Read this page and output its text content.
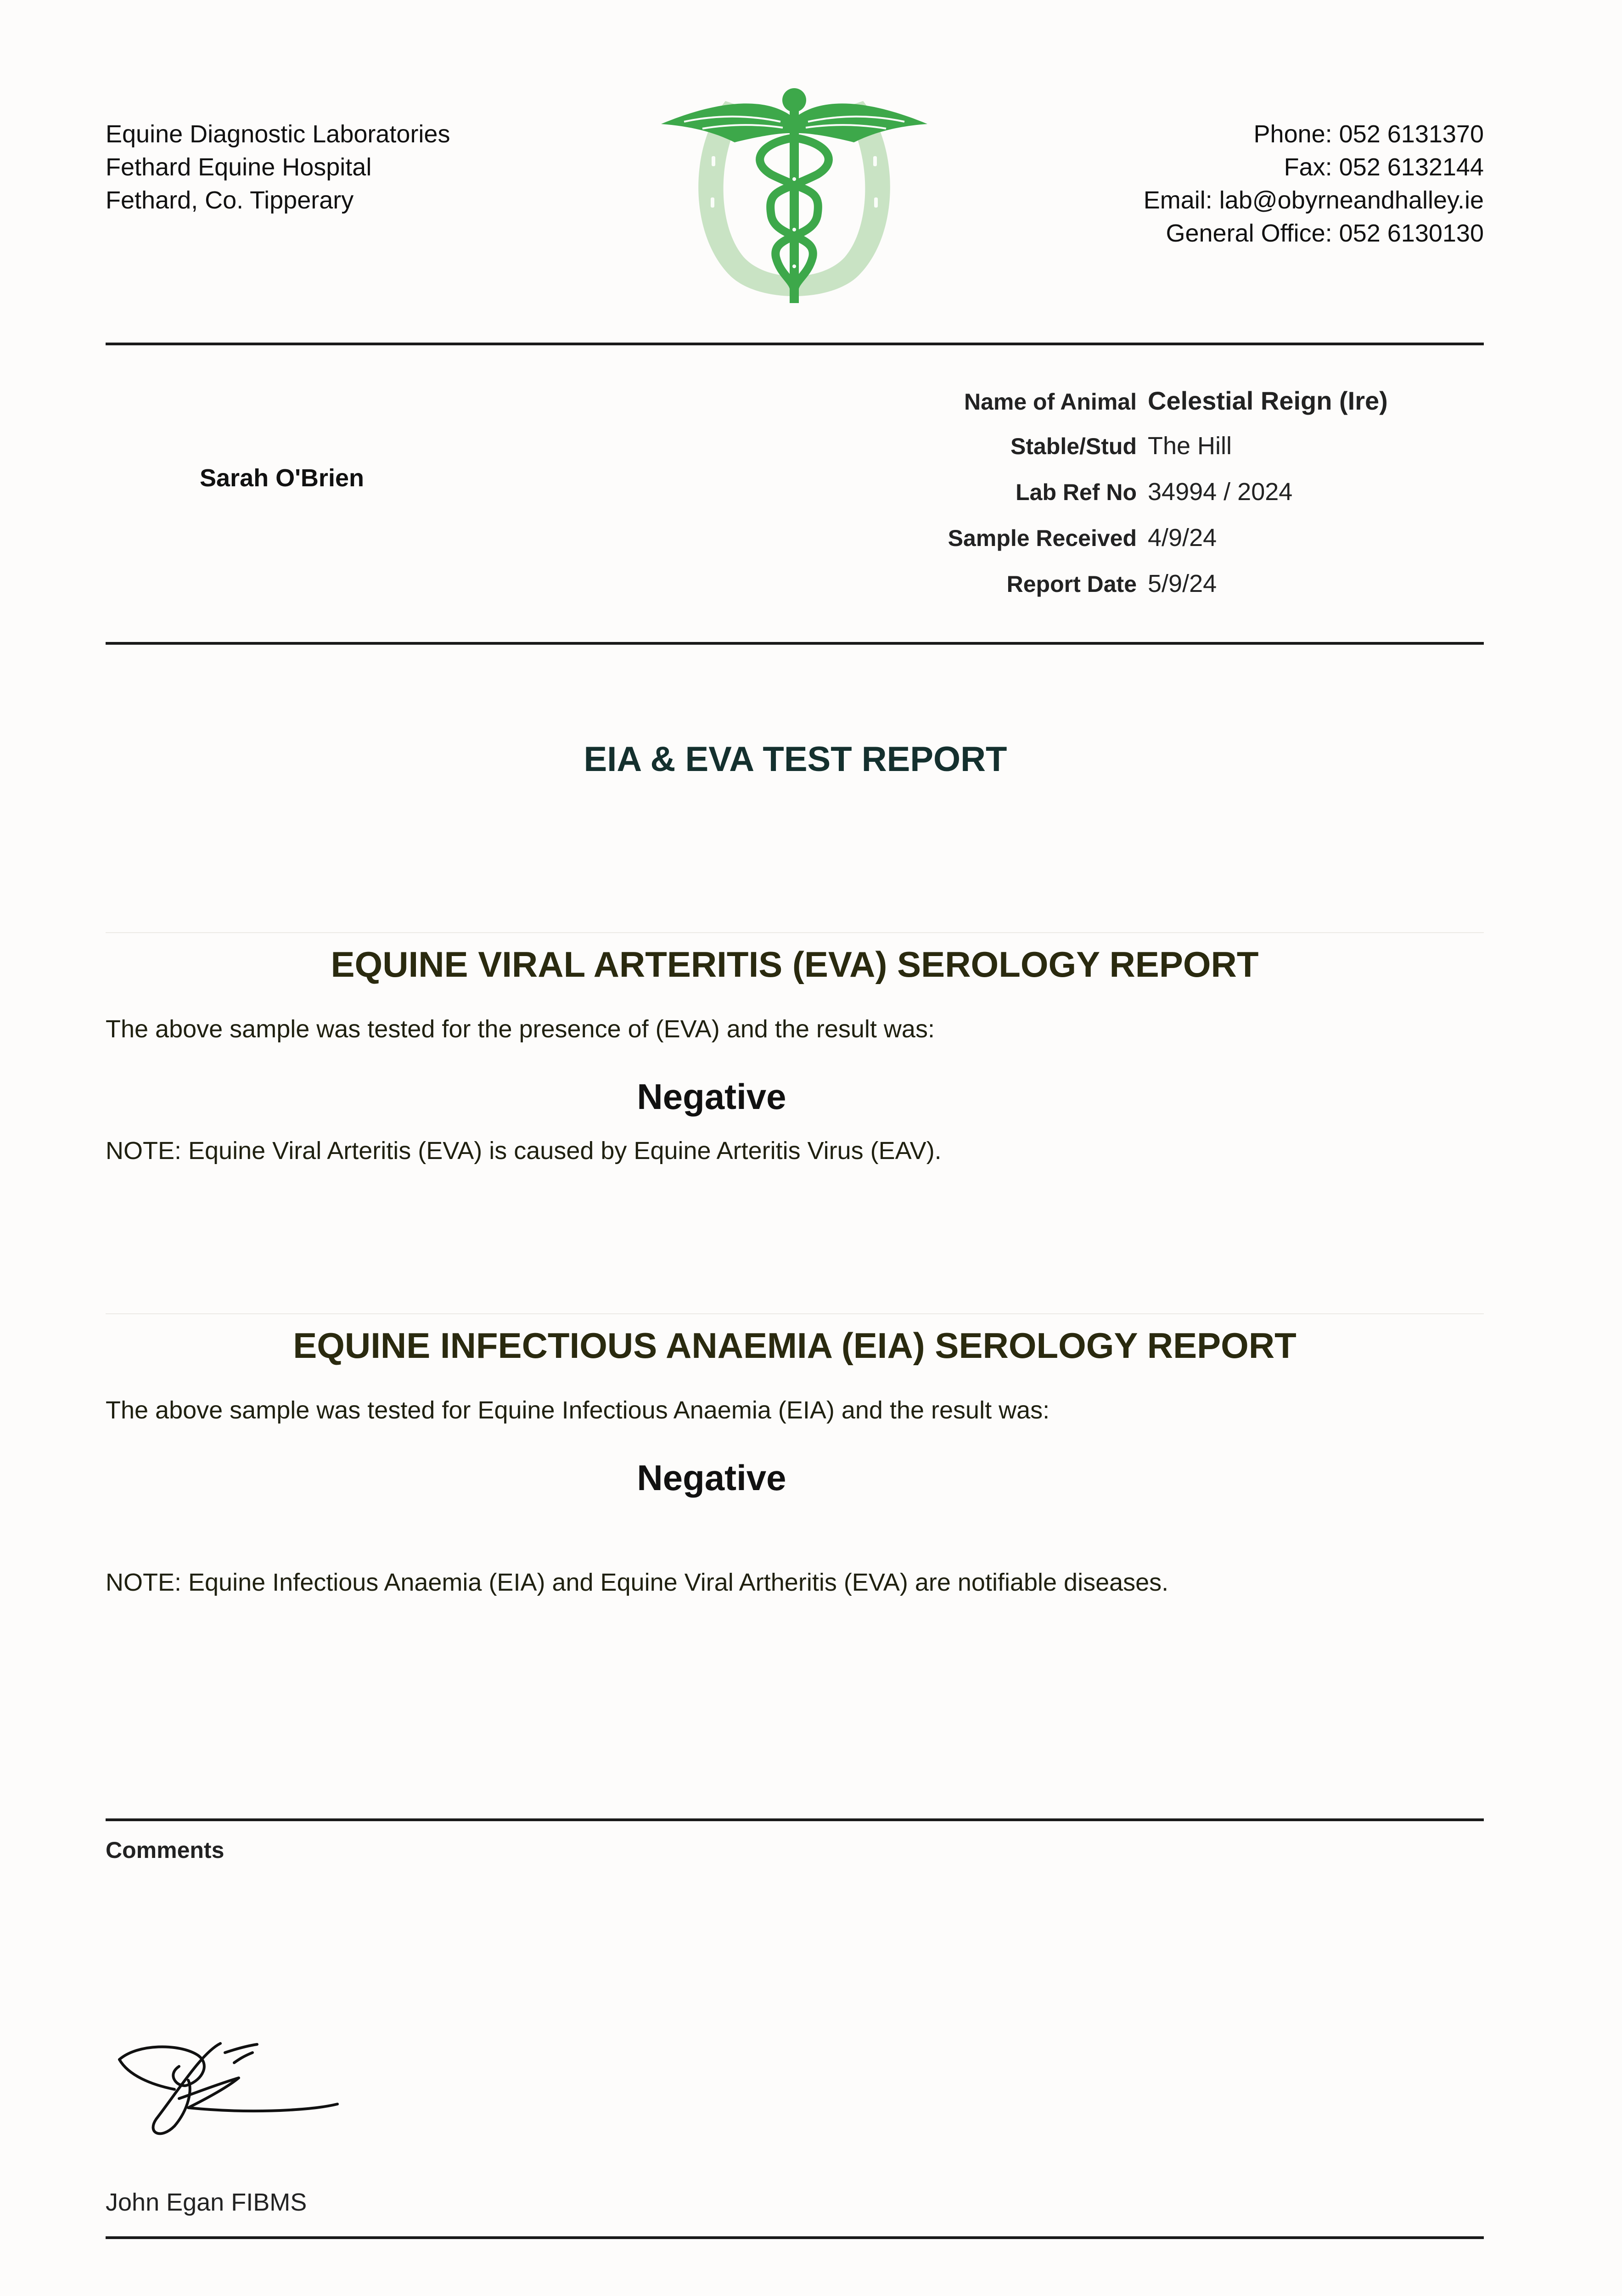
Equine Diagnostic Laboratories
Fethard Equine Hospital
Fethard, Co. Tipperary
Phone: 052 6131370
Fax: 052 6132144
Email: lab@obyrneandhalley.ie
General Office: 052 6130130
Sarah O'Brien
Name of Animal Celestial Reign (Ire)
Stable/Stud The Hill
Lab Ref No 34994 / 2024
Sample Received 4/9/24
Report Date 5/9/24
EIA & EVA TEST REPORT
EQUINE VIRAL ARTERITIS (EVA) SEROLOGY REPORT
The above sample was tested for the presence of (EVA) and the result was:
Negative
NOTE: Equine Viral Arteritis (EVA) is caused by Equine Arteritis Virus (EAV).
EQUINE INFECTIOUS ANAEMIA (EIA) SEROLOGY REPORT
The above sample was tested for Equine Infectious Anaemia (EIA) and the result was:
Negative
NOTE: Equine Infectious Anaemia (EIA) and Equine Viral Artheritis (EVA) are notifiable diseases.
Comments
John Egan FIBMS
